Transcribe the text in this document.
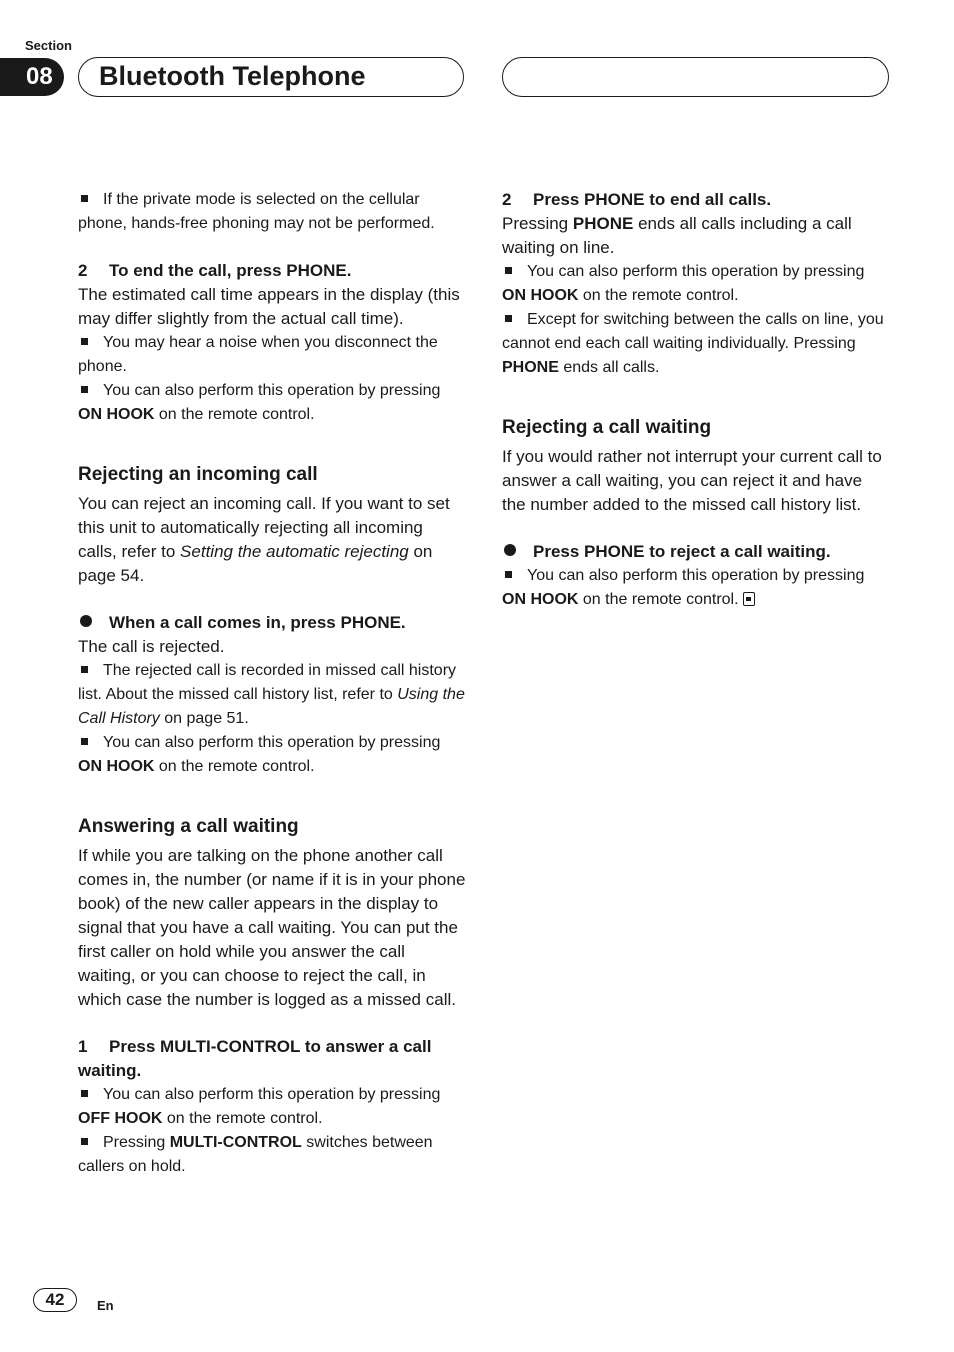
Section
08	Bluetooth Telephone

If the private mode is selected on the cellular phone, hands-free phoning may not be performed.

2 To end the call, press PHONE.

The estimated call time appears in the display (this may differ slightly from the actual call time).

You may hear a noise when you disconnect the phone.

You can also perform this operation by pressing ON HOOK on the remote control.

Rejecting an incoming call

You can reject an incoming call. If you want to set this unit to automatically rejecting all incoming calls, refer to Setting the automatic rejecting on page 54.

When a call comes in, press PHONE.

The call is rejected.

The rejected call is recorded in missed call history list. About the missed call history list, refer to Using the Call History on page 51.

You can also perform this operation by pressing ON HOOK on the remote control.

Answering a call waiting

If while you are talking on the phone another call comes in, the number (or name if it is in your phone book) of the new caller appears in the display to signal that you have a call waiting. You can put the first caller on hold while you answer the call waiting, or you can choose to reject the call, in which case the number is logged as a missed call.

1 Press MULTI-CONTROL to answer a call waiting.

You can also perform this operation by pressing OFF HOOK on the remote control.

Pressing MULTI-CONTROL switches between callers on hold.

2 Press PHONE to end all calls.

Pressing PHONE ends all calls including a call waiting on line.

You can also perform this operation by pressing ON HOOK on the remote control.

Except for switching between the calls on line, you cannot end each call waiting individually. Pressing PHONE ends all calls.

Rejecting a call waiting

If you would rather not interrupt your current call to answer a call waiting, you can reject it and have the number added to the missed call history list.

Press PHONE to reject a call waiting.

You can also perform this operation by pressing ON HOOK on the remote control.

42	En
